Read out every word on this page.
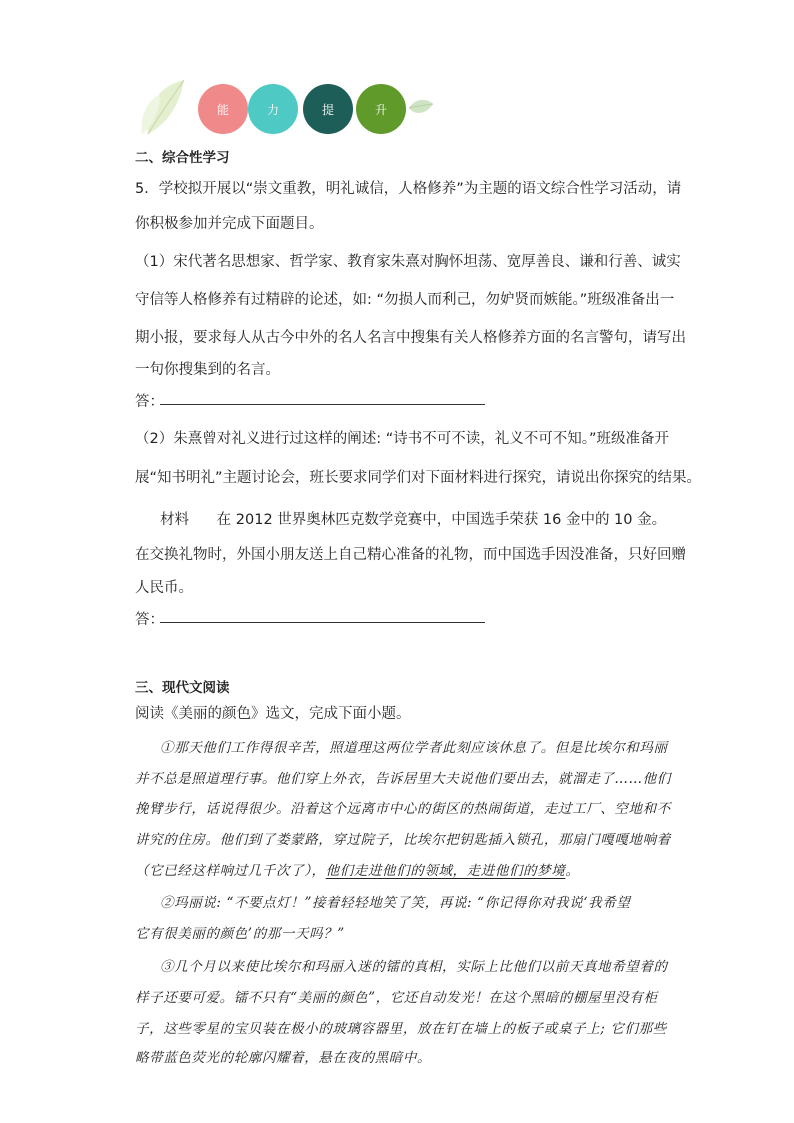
能	力	提	升
二、综合性学习
5．学校拟开展以“崇文重教，明礼诚信，人格修养”为主题的语文综合性学习活动，请
你积极参加并完成下面题目。
（1）宋代著名思想家、哲学家、教育家朱熹对胸怀坦荡、宽厚善良、谦和行善、诚实
守信等人格修养有过精辟的论述，如: “勿损人而利己，勿妒贤而嫉能。”班级准备出一
期小报，要求每人从古今中外的名人名言中搜集有关人格修养方面的名言警句，请写出
一句你搜集到的名言。
答：
（2）朱熹曾对礼义进行过这样的阐述: “诗书不可不读，礼义不可不知。”班级准备开
展“知书明礼”主题讨论会，班长要求同学们对下面材料进行探究，请说出你探究的结果。
材料      在 2012 世界奥林匹克数学竞赛中，中国选手荣获 16 金中的 10 金。
在交换礼物时，外国小朋友送上自己精心准备的礼物，而中国选手因没准备，只好回赠
人民币。
答：
三、现代文阅读
阅读《美丽的颜色》选文，完成下面小题。
①那天他们工作得很辛苦，照道理这两位学者此刻应该休息了。但是比埃尔和玛丽
并不总是照道理行事。他们穿上外衣，告诉居里大夫说他们要出去，就溜走了……他们
挽臂步行，话说得很少。沿着这个远离市中心的街区的热闹街道，走过工厂、空地和不
讲究的住房。他们到了娄蒙路，穿过院子，比埃尔把钥匙插入锁孔，那扇门嘎嘎地响着
（它已经这样响过几千次了），他们走进他们的领域，走进他们的梦境。
②玛丽说: “不要点灯！”接着轻轻地笑了笑，再说: “你记得你对我说‘我希望
它有很美丽的颜色’的那一天吗？”
③几个月以来使比埃尔和玛丽入迷的镭的真相，实际上比他们以前天真地希望着的
样子还要可爱。镭不只有“美丽的颜色”，它还自动发光！在这个黑暗的棚屋里没有柜
子，这些零星的宝贝装在极小的玻璃容器里，放在钉在墙上的板子或桌子上; 它们那些
略带蓝色荧光的轮廓闪耀着，悬在夜的黑暗中。
